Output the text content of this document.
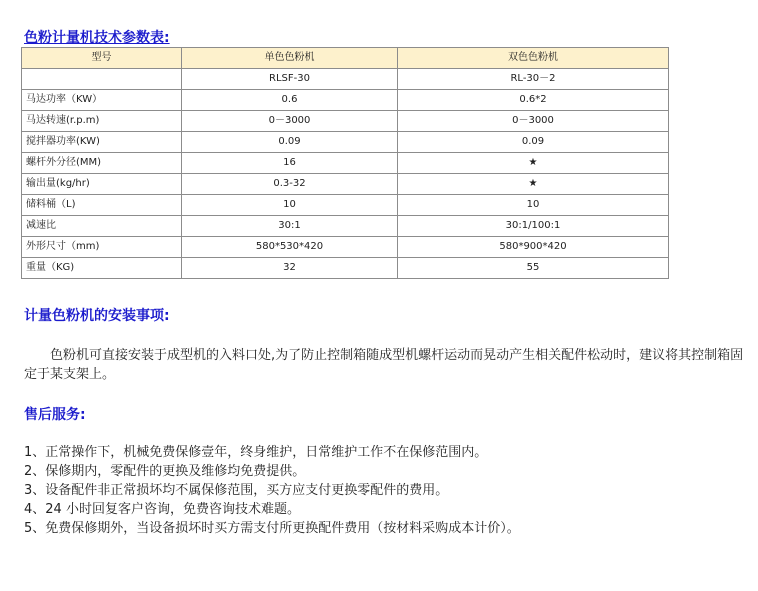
色粉计量机技术参数表:
型号	单色色粉机	双色色粉机
	RLSF-30	RL-30－2
马达功率（KW）	0.6	0.6*2
马达转速(r.p.m)	0－3000	0－3000
搅拌器功率(KW)	0.09	0.09
螺杆外分径(MM)	16	★
输出量(kg/hr)	0.3-32	★
储料桶（L)	10	10
减速比	30:1	30:1/100:1
外形尺寸（mm)	580*530*420	580*900*420
重量（KG)	32	55
计量色粉机的安装事项:
色粉机可直接安装于成型机的入料口处,为了防止控制箱随成型机螺杆运动而晃动产生相关配件松动时，建议将其控制箱固定于某支架上。
售后服务:
1、正常操作下，机械免费保修壹年，终身维护，日常维护工作不在保修范围内。
2、保修期内，零配件的更换及维修均免费提供。
3、设备配件非正常损坏均不属保修范围，买方应支付更换零配件的费用。
4、24 小时回复客户咨询，免费咨询技术难题。
5、免费保修期外，当设备损坏时买方需支付所更换配件费用（按材料采购成本计价）。
